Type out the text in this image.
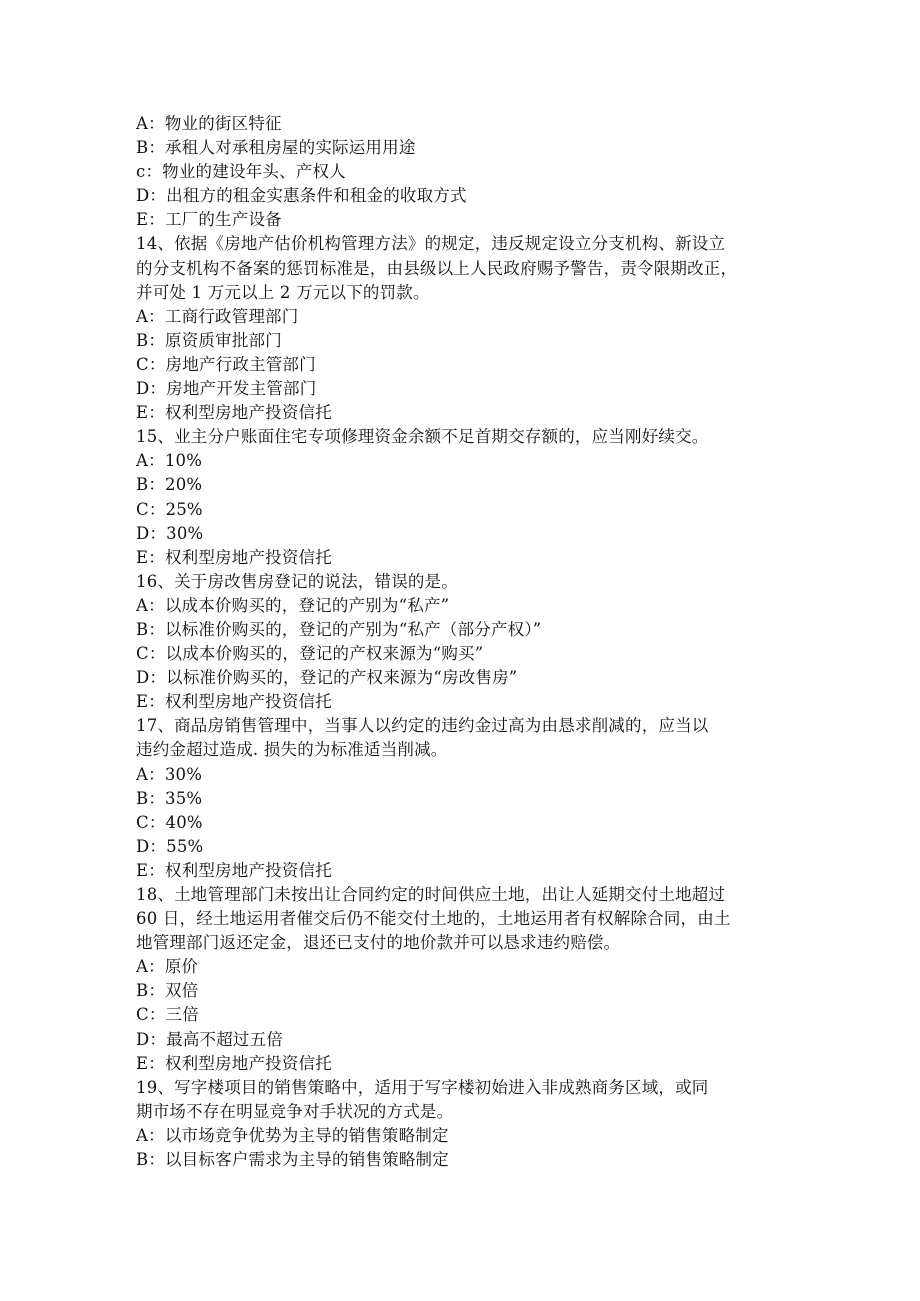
A：物业的街区特征
B：承租人对承租房屋的实际运用用途
c：物业的建设年头、产权人
D：出租方的租金实惠条件和租金的收取方式
E：工厂的生产设备
14、依据《房地产估价机构管理方法》的规定，违反规定设立分支机构、新设立
的分支机构不备案的惩罚标准是，由县级以上人民政府赐予警告，责令限期改正，
并可处 1 万元以上 2 万元以下的罚款。
A：工商行政管理部门
B：原资质审批部门
C：房地产行政主管部门
D：房地产开发主管部门
E：权利型房地产投资信托
15、业主分户账面住宅专项修理资金余额不足首期交存额的，应当刚好续交。
A：10%
B：20%
C：25%
D：30%
E：权利型房地产投资信托
16、关于房改售房登记的说法，错误的是。
A：以成本价购买的，登记的产别为“私产”
B：以标准价购买的，登记的产别为“私产（部分产权）”
C：以成本价购买的，登记的产权来源为“购买”
D：以标准价购买的，登记的产权来源为“房改售房”
E：权利型房地产投资信托
17、商品房销售管理中，当事人以约定的违约金过高为由恳求削减的，应当以
违约金超过造成. 损失的为标准适当削减。
A：30%
B：35%
C：40%
D：55%
E：权利型房地产投资信托
18、土地管理部门未按出让合同约定的时间供应土地，出让人延期交付土地超过
60 日，经土地运用者催交后仍不能交付土地的，土地运用者有权解除合同，由土
地管理部门返还定金，退还已支付的地价款并可以恳求违约赔偿。
A：原价
B：双倍
C：三倍
D：最高不超过五倍
E：权利型房地产投资信托
19、写字楼项目的销售策略中，适用于写字楼初始进入非成熟商务区域，或同
期市场不存在明显竞争对手状况的方式是。
A：以市场竞争优势为主导的销售策略制定
B：以目标客户需求为主导的销售策略制定
